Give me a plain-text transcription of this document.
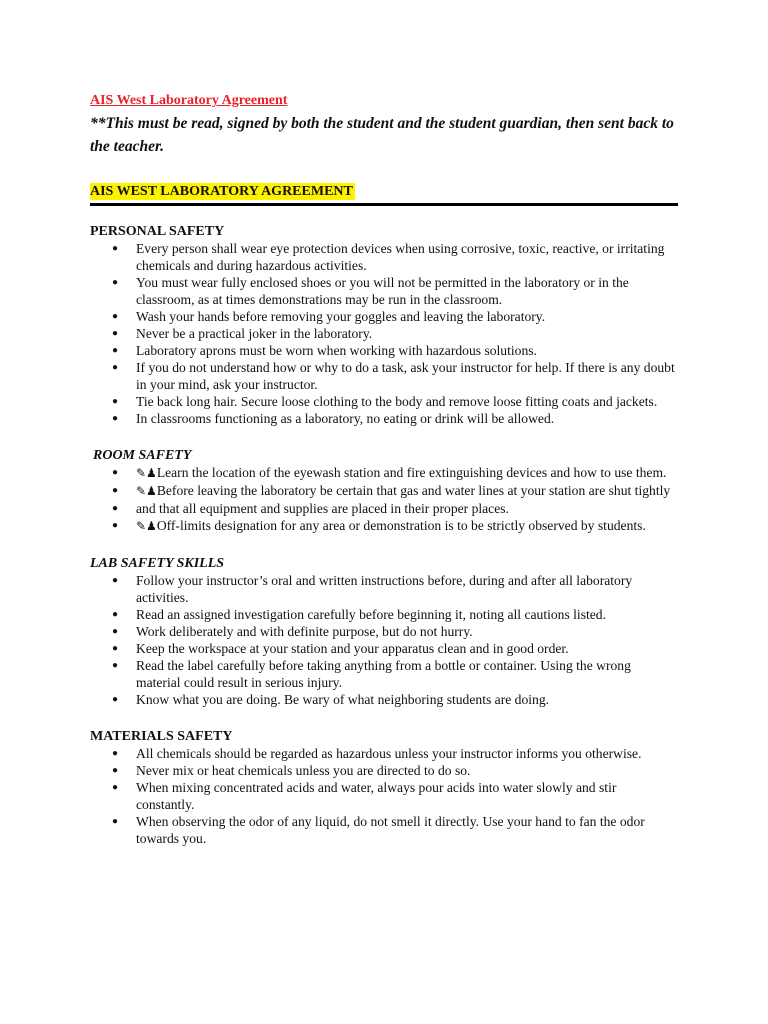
AIS West Laboratory Agreement

**This must be read, signed by both the student and the student guardian, then sent back to the teacher.

AIS WEST LABORATORY AGREEMENT

PERSONAL SAFETY

● Every person shall wear eye protection devices when using corrosive, toxic, reactive, or irritating
chemicals and during hazardous activities.
● You must wear fully enclosed shoes or you will not be permitted in the laboratory or in the classroom, as at times demonstrations may be run in the classroom.
● Wash your hands before removing your goggles and leaving the laboratory.
● Never be a practical joker in the laboratory.
● Laboratory aprons must be worn when working with hazardous solutions.
● If you do not understand how or why to do a task, ask your instructor for help. If there is any doubt in your mind, ask your instructor.
● Tie back long hair. Secure loose clothing to the body and remove loose fitting coats and jackets.
● In classrooms functioning as a laboratory, no eating or drink will be allowed.

ROOM SAFETY

● ✎♟Learn the location of the eyewash station and fire extinguishing devices and how to use them.
● ✎♟Before leaving the laboratory be certain that gas and water lines at your station are shut tightly
● and that all equipment and supplies are placed in their proper places.
● ✎♟Off-limits designation for any area or demonstration is to be strictly observed by students.

LAB SAFETY SKILLS

● Follow your instructor’s oral and written instructions before, during and after all laboratory activities.
● Read an assigned investigation carefully before beginning it, noting all cautions listed.
● Work deliberately and with definite purpose, but do not hurry.
● Keep the workspace at your station and your apparatus clean and in good order.
● Read the label carefully before taking anything from a bottle or container. Using the wrong material could result in serious injury.
● Know what you are doing. Be wary of what neighboring students are doing.

MATERIALS SAFETY

● All chemicals should be regarded as hazardous unless your instructor informs you otherwise.
● Never mix or heat chemicals unless you are directed to do so.
● When mixing concentrated acids and water, always pour acids into water slowly and stir constantly.
● When observing the odor of any liquid, do not smell it directly. Use your hand to fan the odor towards you.
